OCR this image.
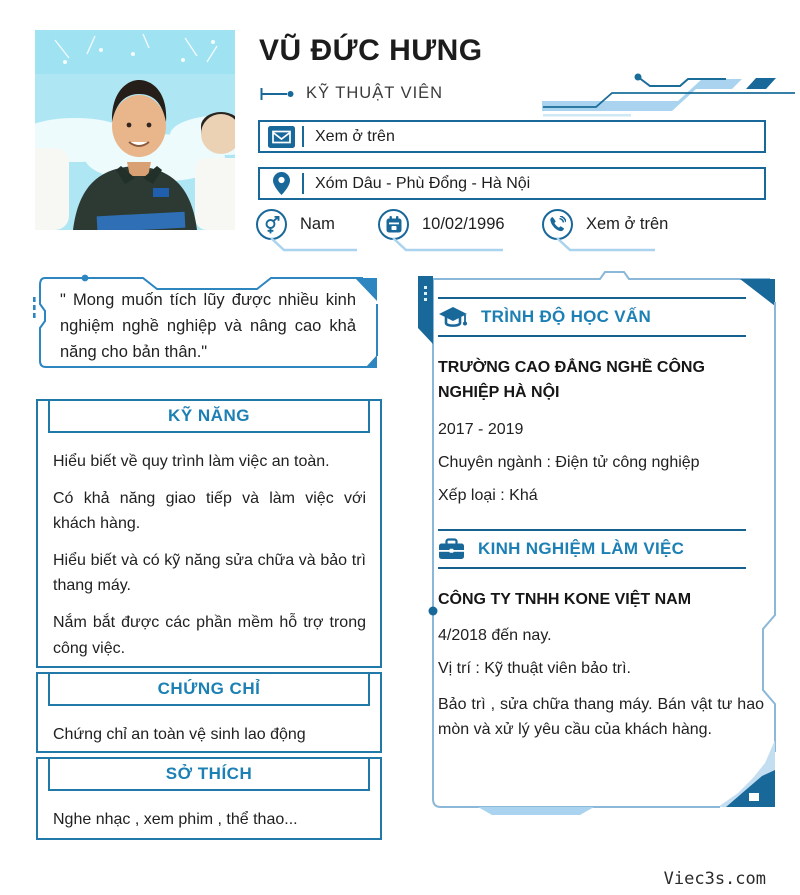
VŨ ĐỨC HƯNG
KỸ THUẬT VIÊN
Xem ở trên
Xóm Dâu - Phù Đổng - Hà Nội
Nam	10/02/1996	Xem ở trên

" Mong muốn tích lũy được nhiều kinh nghiệm nghề nghiệp và nâng cao khả năng cho bản thân."

KỸ NĂNG

Hiểu biết về quy trình làm việc an toàn.

Có khả năng giao tiếp và làm việc với khách hàng.

Hiểu biết và có kỹ năng sửa chữa và bảo trì thang máy.

Nắm bắt được các phần mềm hỗ trợ trong công việc.

CHỨNG CHỈ

Chứng chỉ an toàn vệ sinh lao động

SỞ THÍCH

Nghe nhạc , xem phim , thể thao...

TRÌNH ĐỘ HỌC VẤN

TRƯỜNG CAO ĐẲNG NGHỀ CÔNG NGHIỆP HÀ NỘI

2017 - 2019

Chuyên ngành : Điện tử công nghiệp

Xếp loại : Khá

KINH NGHIỆM LÀM VIỆC

CÔNG TY TNHH KONE VIỆT NAM

4/2018 đến nay.

Vị trí : Kỹ thuật viên bảo trì.

Bảo trì , sửa chữa thang máy. Bán vật tư hao mòn và xử lý yêu cầu của khách hàng.

Viec3s.com
